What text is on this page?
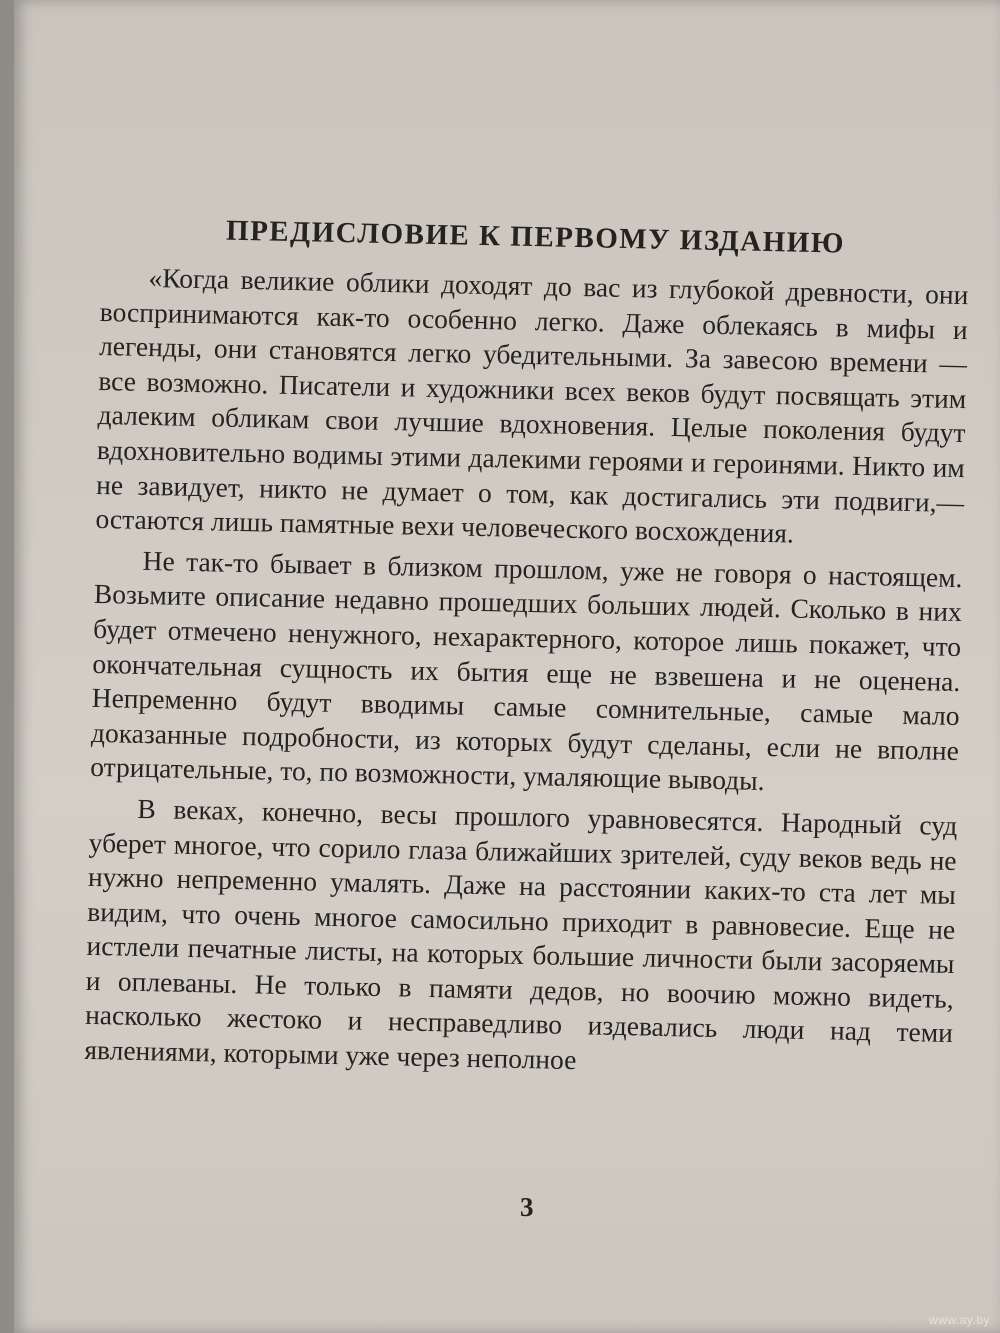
ПРЕДИСЛОВИЕ К ПЕРВОМУ ИЗДАНИЮ

«Когда великие облики доходят до вас из глубокой древности, они воспринимаются как-то особенно легко. Даже облекаясь в мифы и легенды, они становятся легко убедительными. За завесою времени — все возможно. Писатели и художники всех веков будут посвящать этим далеким обликам свои лучшие вдохновения. Целые поколения будут вдохновительно водимы этими далекими героями и героинями. Никто им не завидует, никто не думает о том, как достигались эти подвиги,— остаются лишь памятные вехи человеческого восхождения.

Не так-то бывает в близком прошлом, уже не говоря о настоящем. Возьмите описание недавно прошедших больших людей. Сколько в них будет отмечено ненужного, нехарактерного, которое лишь покажет, что окончательная сущность их бытия еще не взвешена и не оценена. Непременно будут вводимы самые сомнительные, самые мало доказанные подробности, из которых будут сделаны, если не вполне отрицательные, то, по возможности, умаляющие выводы.

В веках, конечно, весы прошлого уравновесятся. Народный суд уберет многое, что сорило глаза ближайших зрителей, суду веков ведь не нужно непременно умалять. Даже на расстоянии каких-то ста лет мы видим, что очень многое самосильно приходит в равновесие. Еще не истлели печатные листы, на которых большие личности были засоряемы и оплеваны. Не только в памяти дедов, но воочию можно видеть, насколько жестоко и несправедливо издевались люди над теми явлениями, которыми уже через неполное

3
www.ay.by
